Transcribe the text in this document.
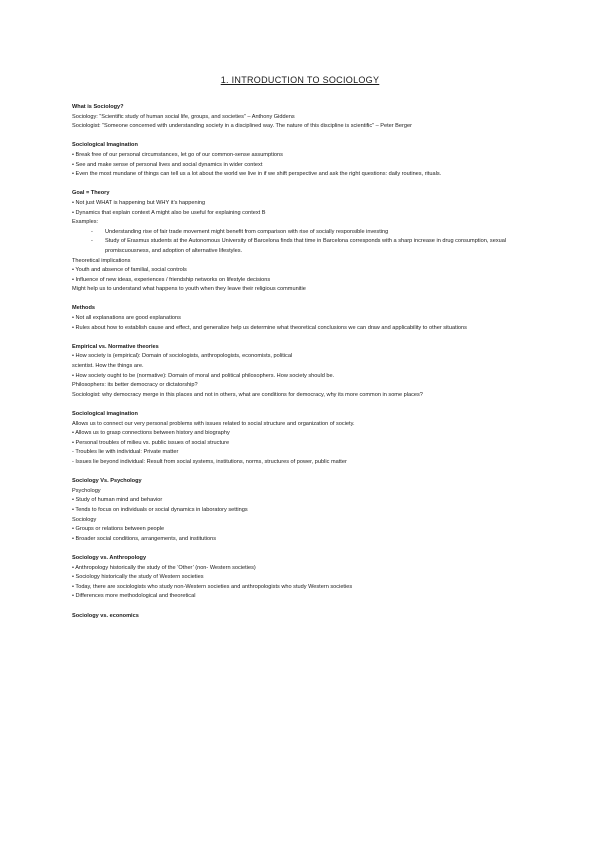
1. INTRODUCTION TO SOCIOLOGY
What is Sociology?
Sociology: “Scientific study of human social life, groups, and societies” – Anthony Giddens
Sociologist: “Someone concerned with understanding society in a disciplined way. The nature of this discipline is scientific” – Peter Berger
Sociological Imagination
• Break free of our personal circumstances, let go of our common-sense assumptions
• See and make sense of personal lives and social dynamics in wider context
• Even the most mundane of things can tell us a lot about the world we live in if we shift perspective and ask the right questions: daily routines, rituals.
Goal = Theory
• Not just WHAT is happening but WHY it’s happening
• Dynamics that explain context A might also be useful for explaining context B
Examples:
- Understanding rise of fair trade movement might benefit from comparison with rise of socially responsible investing
- Study of Erasmus students at the Autonomous University of Barcelona finds that time in Barcelona corresponds with a sharp increase in drug consumption, sexual promiscuousness, and adoption of alternative lifestyles.
Theoretical implications
• Youth and absence of familial, social controls
• Influence of new ideas, experiences / friendship networks on lifestyle decisions
Might help us to understand what happens to youth when they leave their religious communitie
Methods
• Not all explanations are good explanations
• Rules about how to establish cause and effect, and generalize help us determine what theoretical conclusions we can draw and applicability to other situations
Empirical vs. Normative theories
• How society is (empirical): Domain of sociologists, anthropologists, economists, political
scientist. How the things are.
• How society ought to be (normative): Domain of moral and political philosophers. How society should be.
Philosophers: its better democracy or dictatorship?
Sociologist: why democracy merge in this places and not in others, what are conditions for democracy, why its more common in some places?
Sociological imagination
Allows us to connect our very personal problems with issues related to social structure and organization of society.
• Allows us to grasp connections between history and biography
• Personal troubles of milieu vs. public issues of social structure
- Troubles lie with individual: Private matter
- Issues lie beyond individual: Result from social systems, institutions, norms, structures of power, public matter
Sociology Vs. Psychology
Psychology
• Study of human mind and behavior
• Tends to focus on individuals or social dynamics in laboratory settings
Sociology
• Groups or relations between people
• Broader social conditions, arrangements, and institutions
Sociology vs. Anthropology
• Anthropology historically the study of the ‘Other’ (non- Western societies)
• Sociology historically the study of Western societies
• Today, there are sociologists who study non-Western societies and anthropologists who study Western societies
• Differences more methodological and theoretical
Sociology vs. economics
